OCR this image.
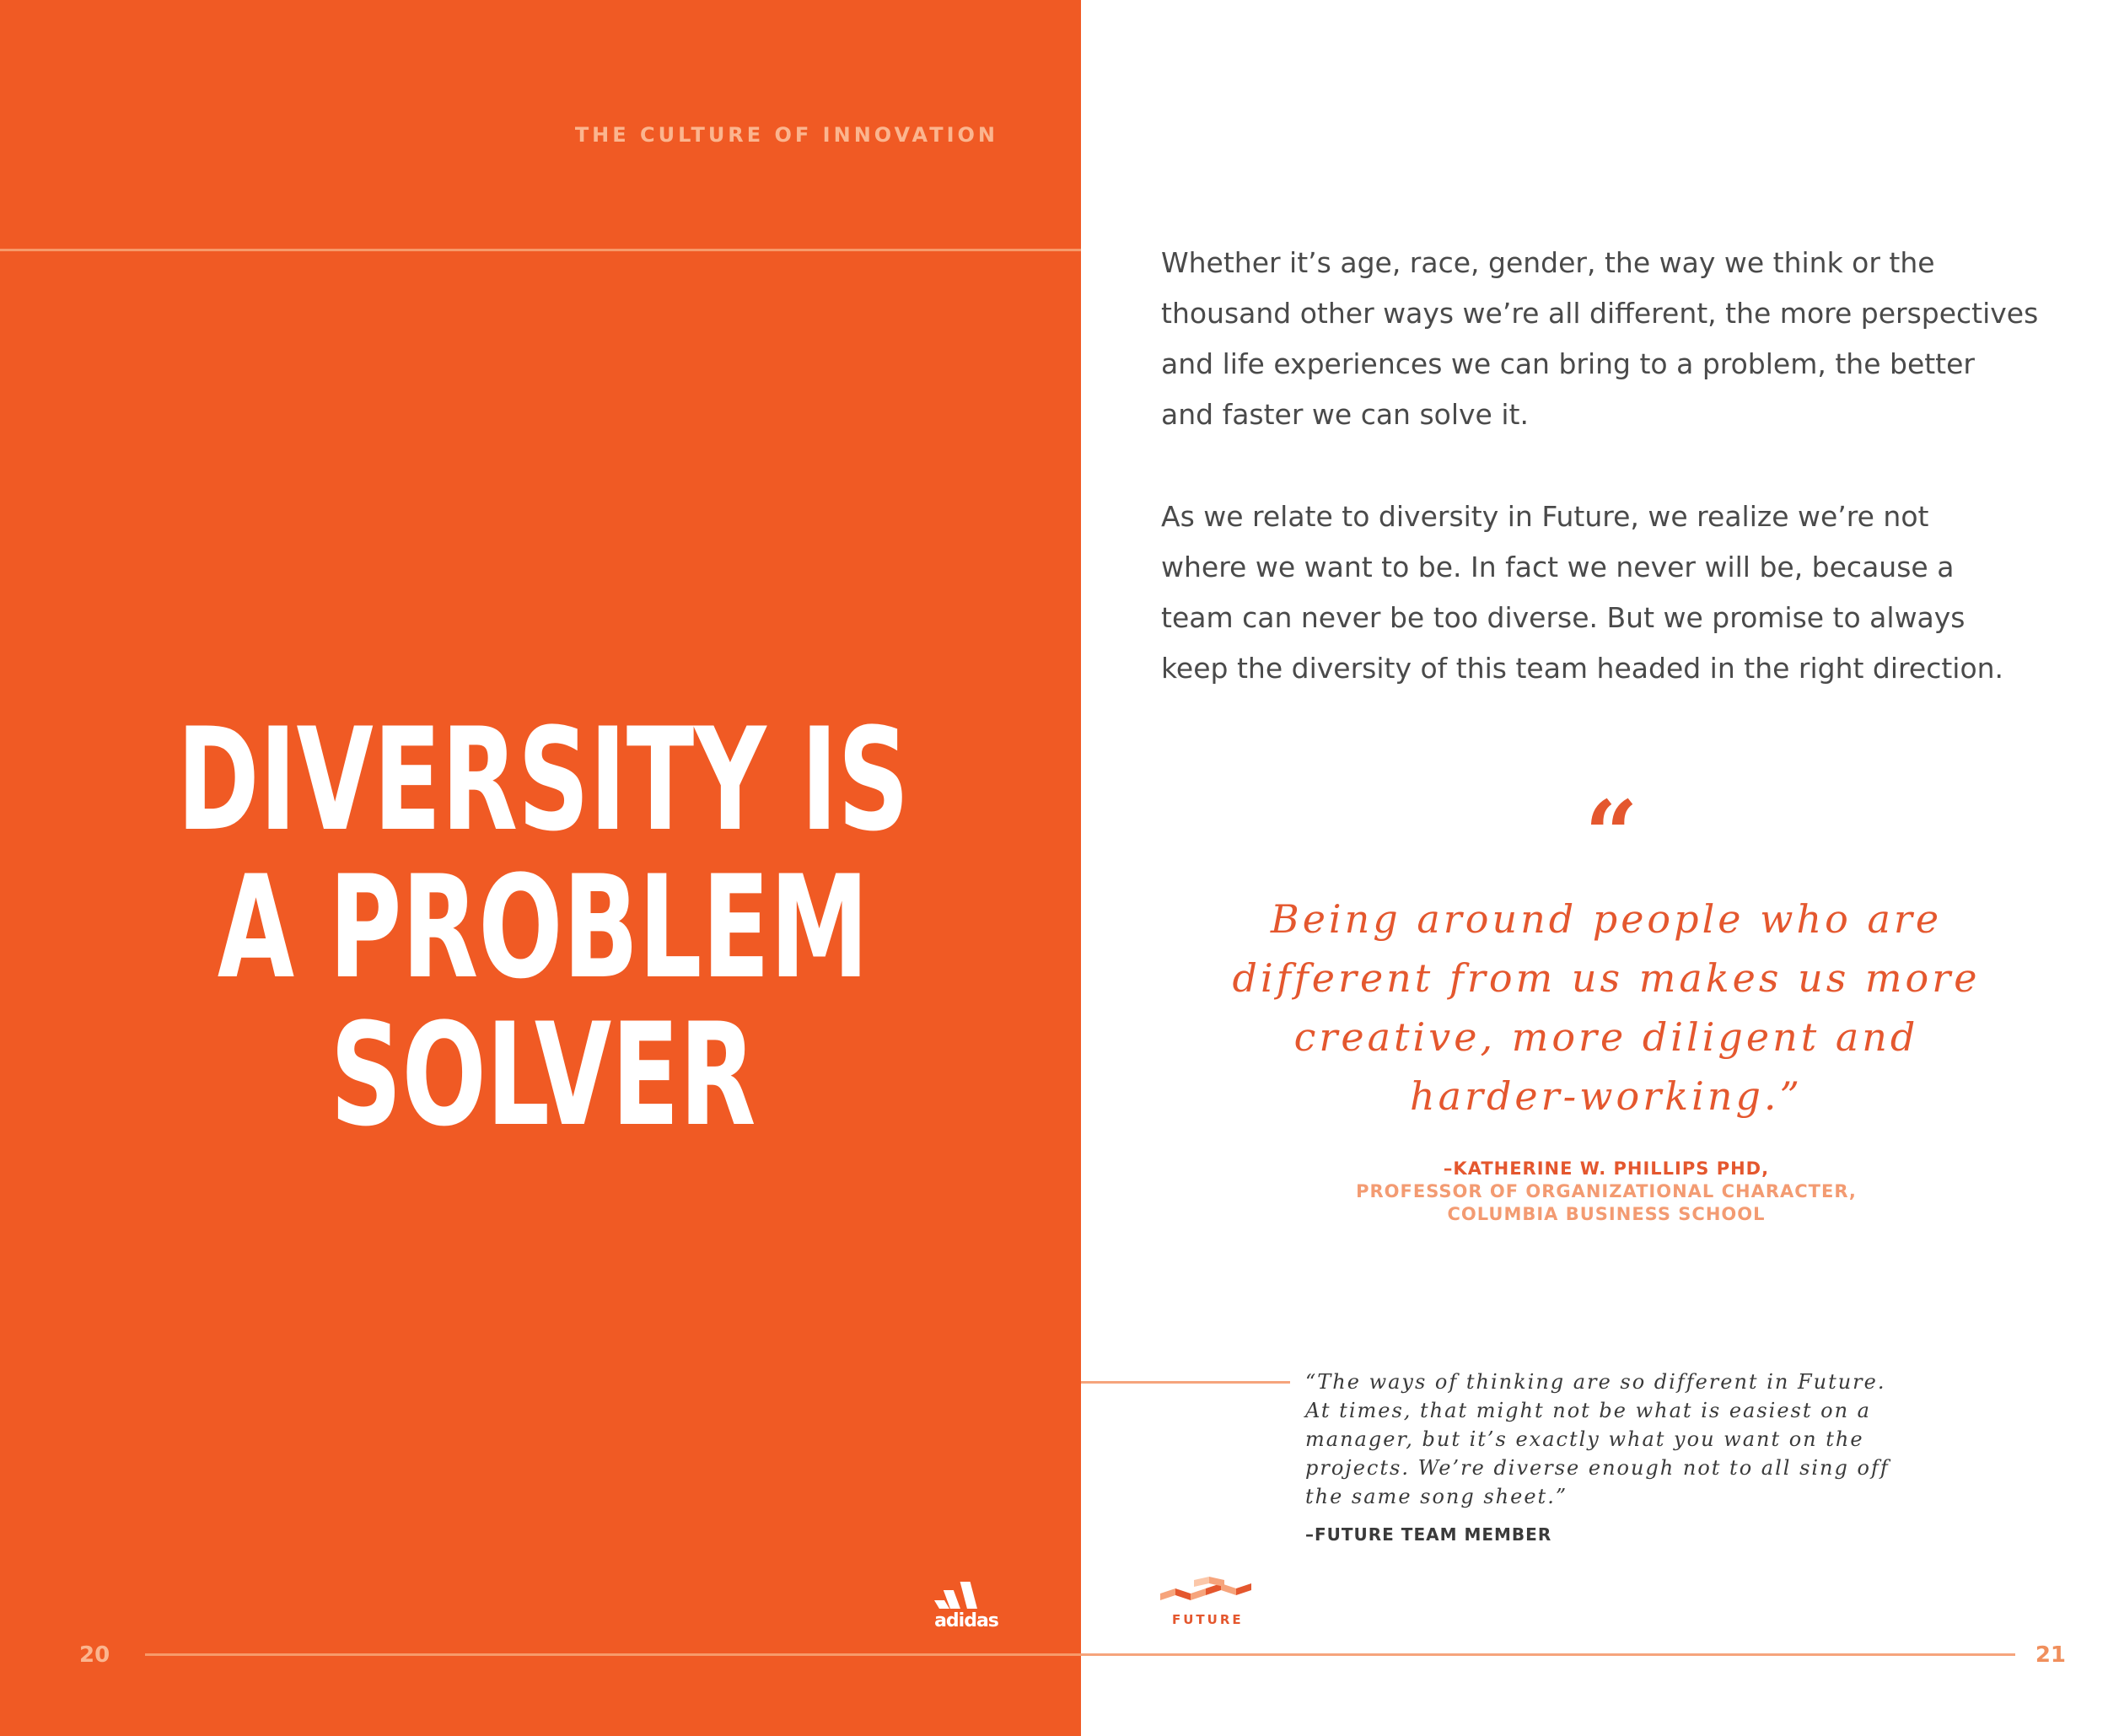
THE CULTURE OF INNOVATION
DIVERSITY IS
A PROBLEM
SOLVER
adidas
20	21
Whether it’s age, race, gender, the way we think or the
thousand other ways we’re all different, the more perspectives
and life experiences we can bring to a problem, the better
and faster we can solve it.
As we relate to diversity in Future, we realize we’re not
where we want to be. In fact we never will be, because a
team can never be too diverse. But we promise to always
keep the diversity of this team headed in the right direction.
“
Being around people who are
different from us makes us more
creative, more diligent and
harder-working.”
–KATHERINE W. PHILLIPS PHD,
PROFESSOR OF ORGANIZATIONAL CHARACTER,
COLUMBIA BUSINESS SCHOOL
“The ways of thinking are so different in Future.
At times, that might not be what is easiest on a
manager, but it’s exactly what you want on the
projects. We’re diverse enough not to all sing off
the same song sheet.”
–FUTURE TEAM MEMBER
FUTURE
